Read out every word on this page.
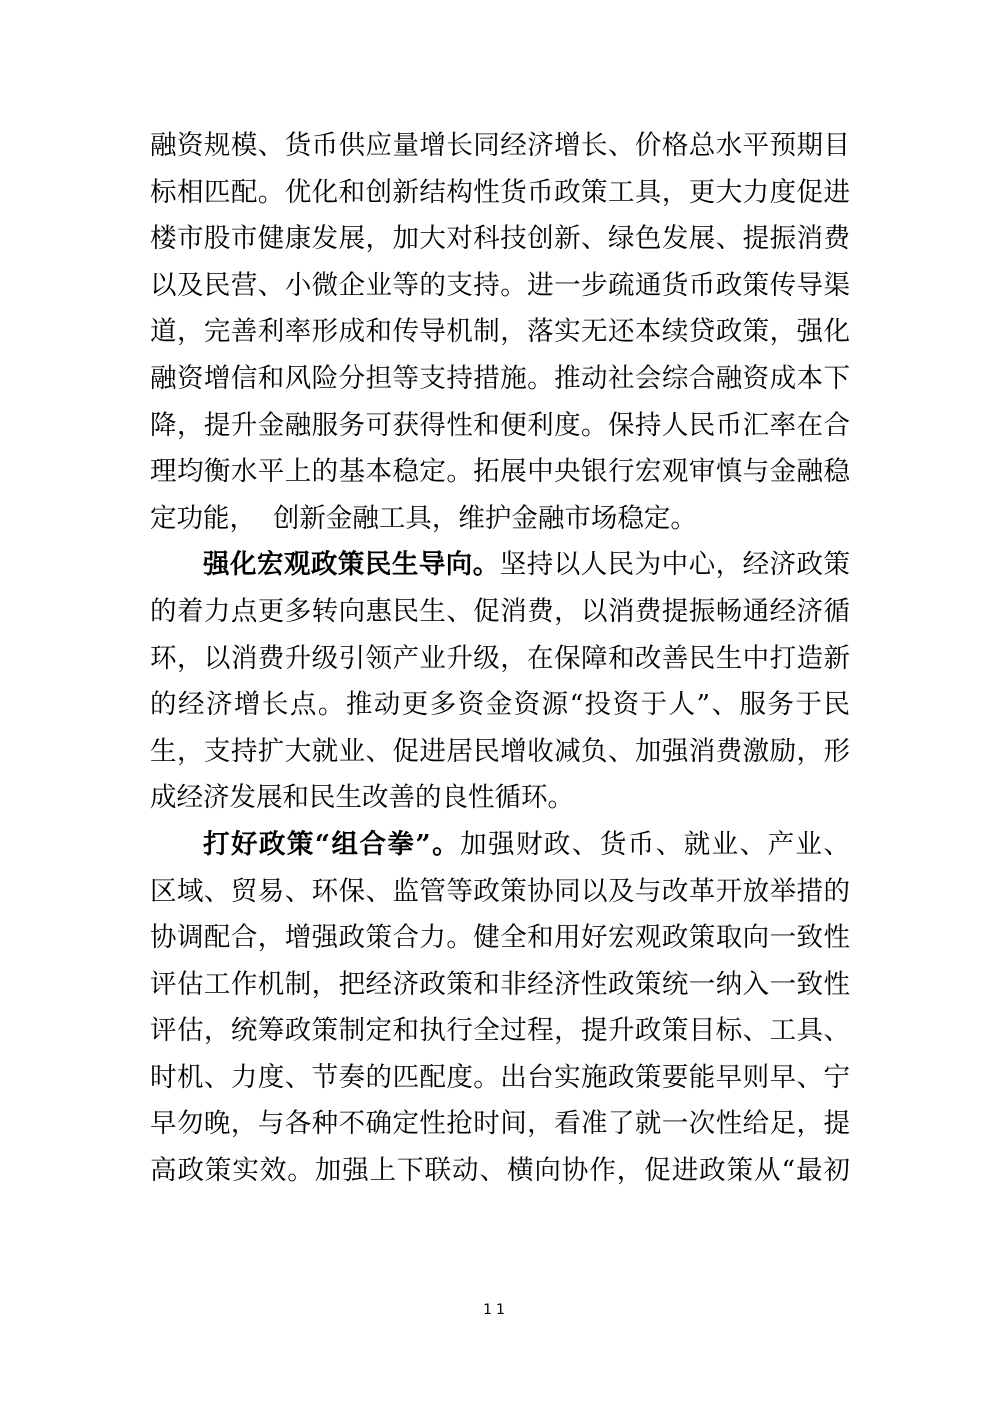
融资规模、货币供应量增长同经济增长、价格总水平预期目
标相匹配。优化和创新结构性货币政策工具，更大力度促进
楼市股市健康发展，加大对科技创新、绿色发展、提振消费
以及民营、小微企业等的支持。进一步疏通货币政策传导渠
道，完善利率形成和传导机制，落实无还本续贷政策，强化
融资增信和风险分担等支持措施。推动社会综合融资成本下
降，提升金融服务可获得性和便利度。保持人民币汇率在合
理均衡水平上的基本稳定。拓展中央银行宏观审慎与金融稳
定功能，  创新金融工具，维护金融市场稳定。
强化宏观政策民生导向。坚持以人民为中心，经济政策
的着力点更多转向惠民生、促消费，以消费提振畅通经济循
环，以消费升级引领产业升级，在保障和改善民生中打造新
的经济增长点。推动更多资金资源“投资于人”、服务于民
生，支持扩大就业、促进居民增收减负、加强消费激励，形
成经济发展和民生改善的良性循环。
打好政策“组合拳”。加强财政、货币、就业、产业、
区域、贸易、环保、监管等政策协同以及与改革开放举措的
协调配合，增强政策合力。健全和用好宏观政策取向一致性
评估工作机制，把经济政策和非经济性政策统一纳入一致性
评估，统筹政策制定和执行全过程，提升政策目标、工具、
时机、力度、节奏的匹配度。出台实施政策要能早则早、宁
早勿晚，与各种不确定性抢时间，看准了就一次性给足，提
高政策实效。加强上下联动、横向协作，促进政策从“最初
11
